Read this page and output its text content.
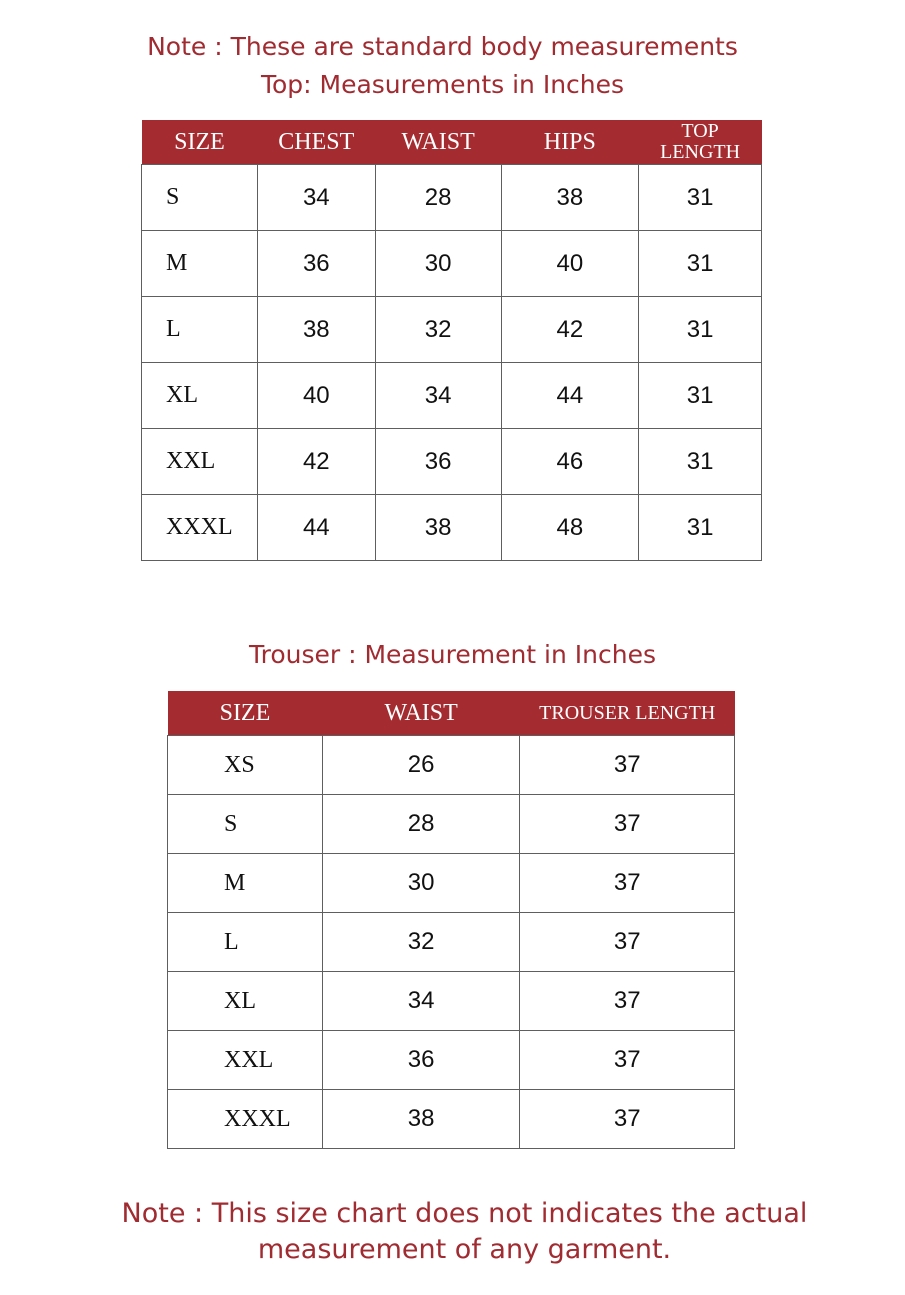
Note : These are standard body measurements
Top: Measurements in Inches
SIZE	CHEST	WAIST	HIPS	TOP
LENGTH
S	34	28	38	31
M	36	30	40	31
L	38	32	42	31
XL	40	34	44	31
XXL	42	36	46	31
XXXL	44	38	48	31
Trouser : Measurement in Inches
SIZE	WAIST	TROUSER LENGTH
XS	26	37
S	28	37
M	30	37
L	32	37
XL	34	37
XXL	36	37
XXXL	38	37
Note : This size chart does not indicates the actual
measurement of any garment.
